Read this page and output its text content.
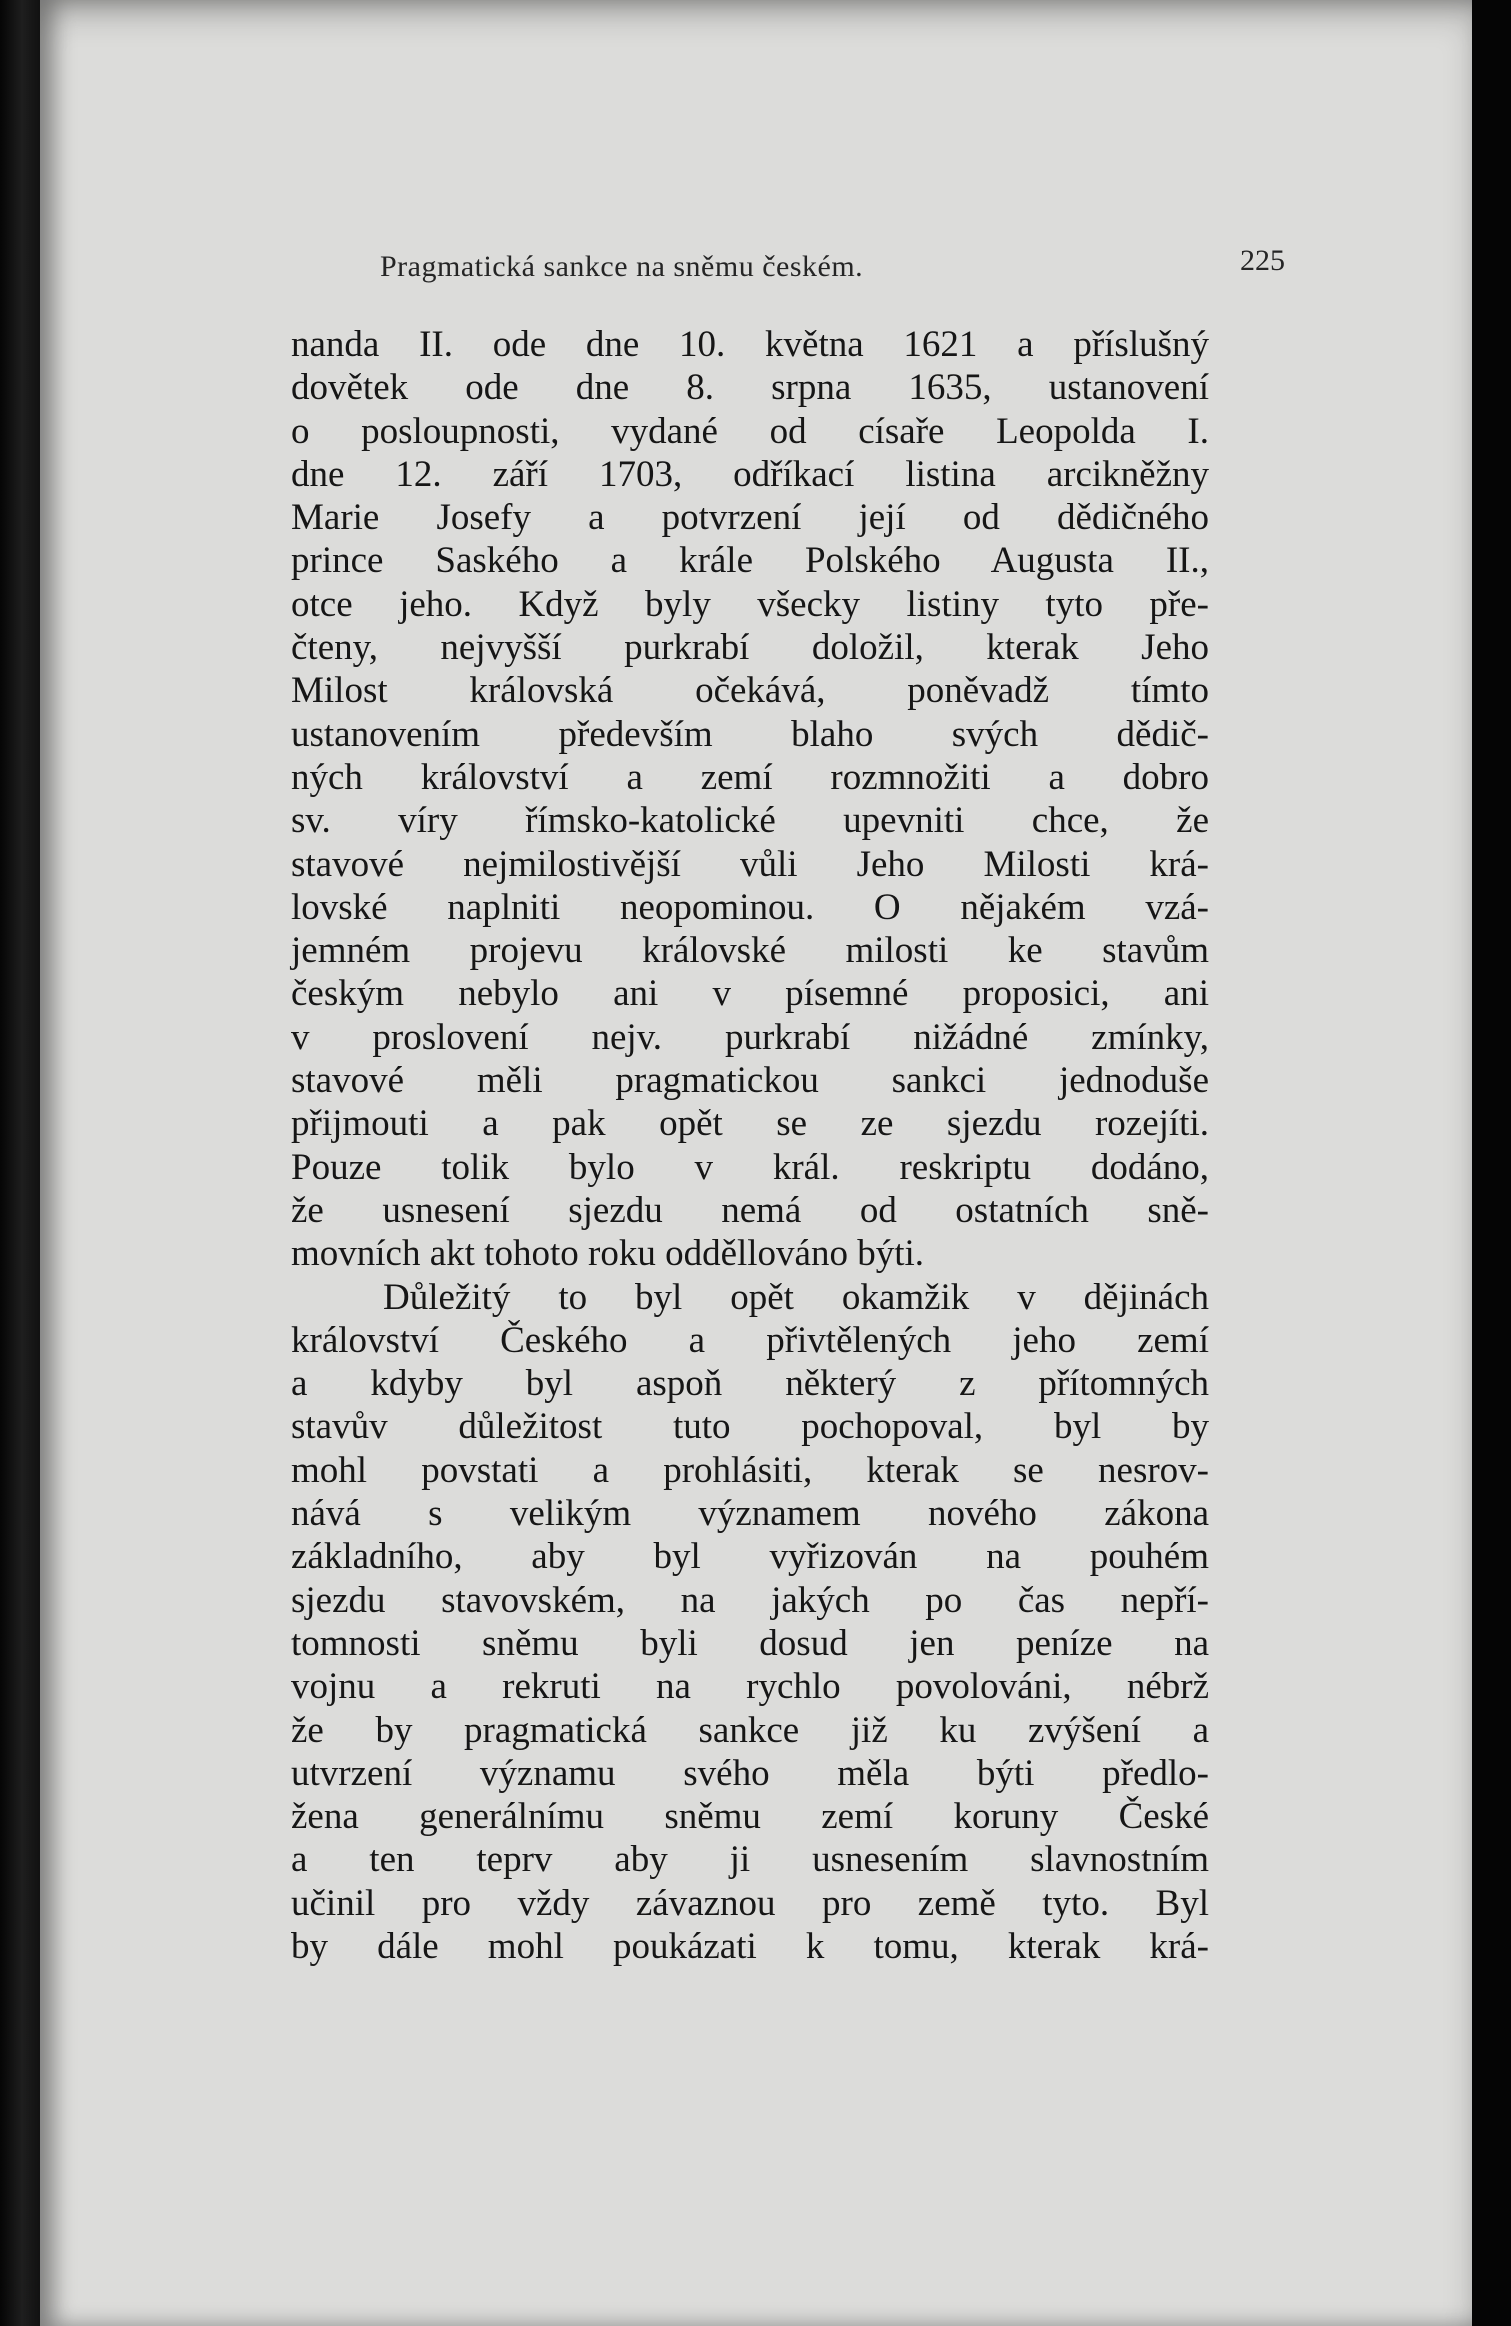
Pragmatická sankce na sněmu českém.	225
nanda II. ode dne 10. května 1621 a příslušný
dovětek ode dne 8. srpna 1635, ustanovení
o posloupnosti, vydané od císaře Leopolda I.
dne 12. září 1703, odříkací listina arcikněžny
Marie Josefy a potvrzení její od dědičného
prince Saského a krále Polského Augusta II.,
otce jeho. Když byly všecky listiny tyto pře-
čteny, nejvyšší purkrabí doložil, kterak Jeho
Milost královská očekává, poněvadž tímto
ustanovením především blaho svých dědič-
ných království a zemí rozmnožiti a dobro
sv. víry římsko-katolické upevniti chce, že
stavové nejmilostivější vůli Jeho Milosti krá-
lovské naplniti neopominou. O nějakém vzá-
jemném projevu královské milosti ke stavům
českým nebylo ani v písemné proposici, ani
v proslovení nejv. purkrabí nižádné zmínky,
stavové měli pragmatickou sankci jednoduše
přijmouti a pak opět se ze sjezdu rozejíti.
Pouze tolik bylo v král. reskriptu dodáno,
že usnesení sjezdu nemá od ostatních sně-
movních akt tohoto roku odděllováno býti.
Důležitý to byl opět okamžik v dějinách
království Českého a přivtělených jeho zemí
a kdyby byl aspoň některý z přítomných
stavův důležitost tuto pochopoval, byl by
mohl povstati a prohlásiti, kterak se nesrov-
nává s velikým významem nového zákona
základního, aby byl vyřizován na pouhém
sjezdu stavovském, na jakých po čas nepří-
tomnosti sněmu byli dosud jen peníze na
vojnu a rekruti na rychlo povolováni, nébrž
že by pragmatická sankce již ku zvýšení a
utvrzení významu svého měla býti předlo-
žena generálnímu sněmu zemí koruny České
a ten teprv aby ji usnesením slavnostním
učinil pro vždy závaznou pro země tyto. Byl
by dále mohl poukázati k tomu, kterak krá-
